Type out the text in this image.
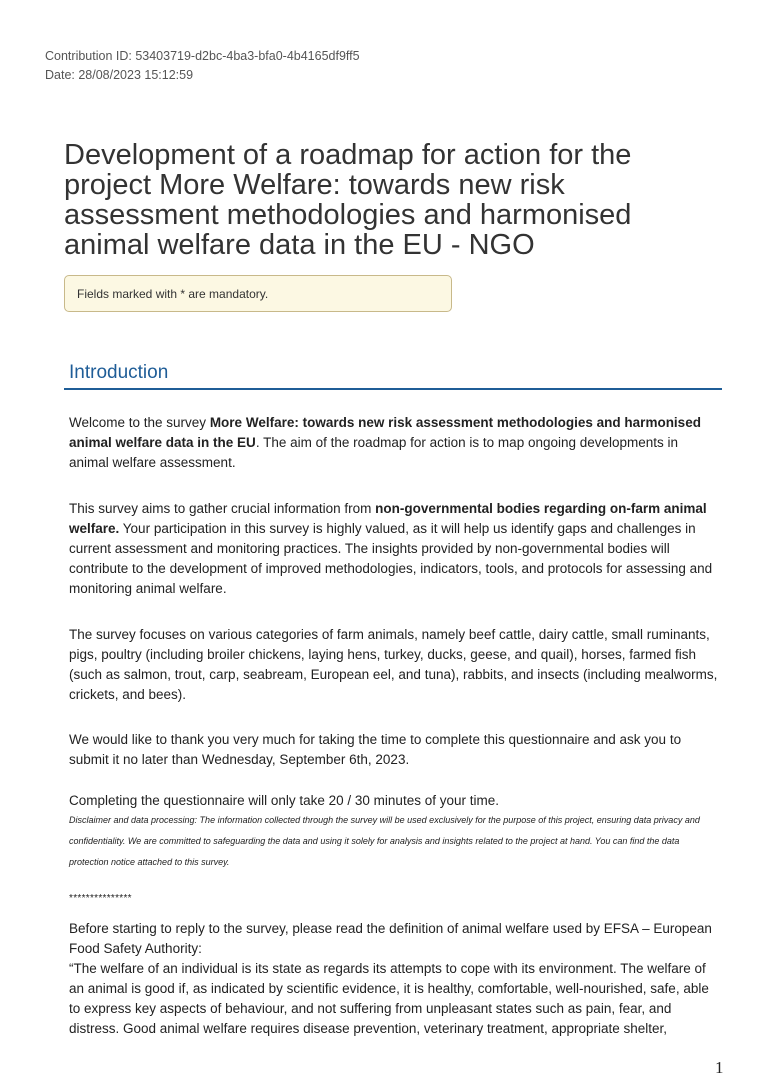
Contribution ID: 53403719-d2bc-4ba3-bfa0-4b4165df9ff5
Date: 28/08/2023 15:12:59
Development of a roadmap for action for the project More Welfare: towards new risk assessment methodologies and harmonised animal welfare data in the EU - NGO
Fields marked with * are mandatory.
Introduction

Welcome to the survey More Welfare: towards new risk assessment methodologies and harmonised animal welfare data in the EU. The aim of the roadmap for action is to map ongoing developments in animal welfare assessment.

This survey aims to gather crucial information from non-governmental bodies regarding on-farm animal welfare. Your participation in this survey is highly valued, as it will help us identify gaps and challenges in current assessment and monitoring practices. The insights provided by non-governmental bodies will contribute to the development of improved methodologies, indicators, tools, and protocols for assessing and monitoring animal welfare.

The survey focuses on various categories of farm animals, namely beef cattle, dairy cattle, small ruminants, pigs, poultry (including broiler chickens, laying hens, turkey, ducks, geese, and quail), horses, farmed fish (such as salmon, trout, carp, seabream, European eel, and tuna), rabbits, and insects (including mealworms, crickets, and bees).

We would like to thank you very much for taking the time to complete this questionnaire and ask you to submit it no later than Wednesday, September 6th, 2023.

Completing the questionnaire will only take 20 / 30 minutes of your time.

Disclaimer and data processing: The information collected through the survey will be used exclusively for the purpose of this project, ensuring data privacy and confidentiality. We are committed to safeguarding the data and using it solely for analysis and insights related to the project at hand. You can find the data protection notice attached to this survey.

***************

Before starting to reply to the survey, please read the definition of animal welfare used by EFSA – European Food Safety Authority:

“The welfare of an individual is its state as regards its attempts to cope with its environment. The welfare of an animal is good if, as indicated by scientific evidence, it is healthy, comfortable, well-nourished, safe, able to express key aspects of behaviour, and not suffering from unpleasant states such as pain, fear, and distress. Good animal welfare requires disease prevention, veterinary treatment, appropriate shelter,

1
